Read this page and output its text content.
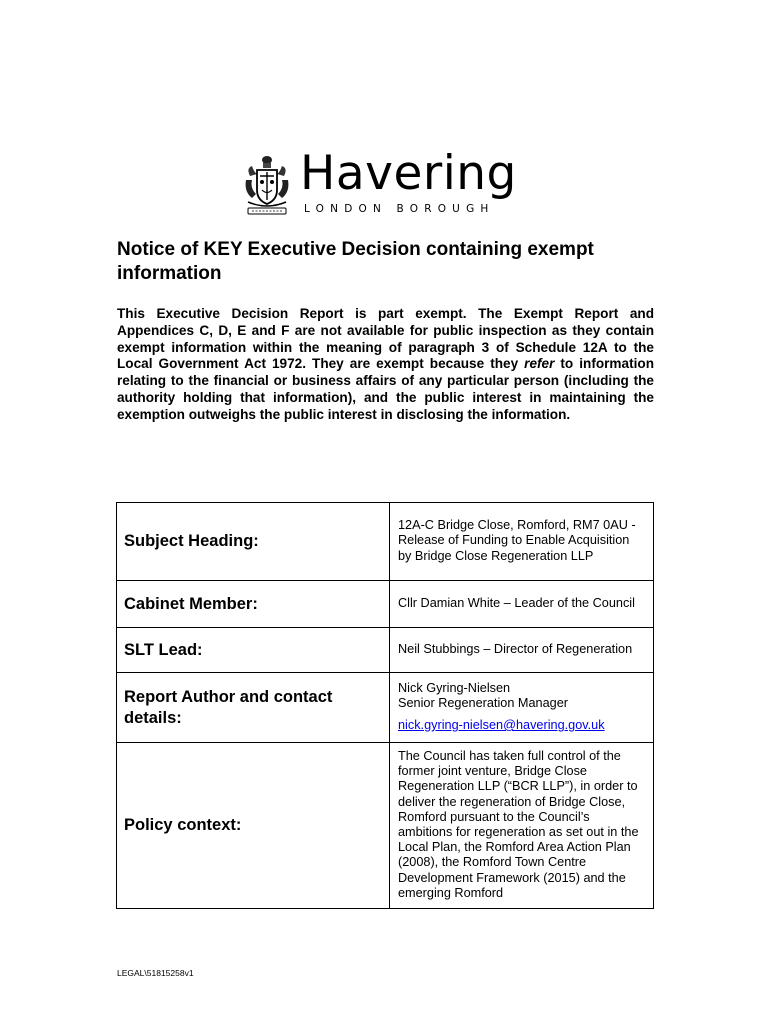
Havering
LONDON BOROUGH
Notice of KEY Executive Decision containing exempt information

This Executive Decision Report is part exempt. The Exempt Report and Appendices C, D, E and F are not available for public inspection as they contain exempt information within the meaning of paragraph 3 of Schedule 12A to the Local Government Act 1972. They are exempt because they refer to information relating to the financial or business affairs of any particular person (including the authority holding that information), and the public interest in maintaining the exemption outweighs the public interest in disclosing the information.

Subject Heading:	12A-C Bridge Close, Romford, RM7 0AU - Release of Funding to Enable Acquisition by Bridge Close Regeneration LLP
Cabinet Member:	Cllr Damian White – Leader of the Council
SLT Lead:	Neil Stubbings – Director of Regeneration
Report Author and contact details:	Nick Gyring-Nielsen
Senior Regeneration Manager
nick.gyring-nielsen@havering.gov.uk
Policy context:	The Council has taken full control of the former joint venture, Bridge Close Regeneration LLP (“BCR LLP”), in order to deliver the regeneration of Bridge Close, Romford pursuant to the Council’s ambitions for regeneration as set out in the Local Plan, the Romford Area Action Plan (2008), the Romford Town Centre Development Framework (2015) and the emerging Romford
LEGAL\51815258v1
